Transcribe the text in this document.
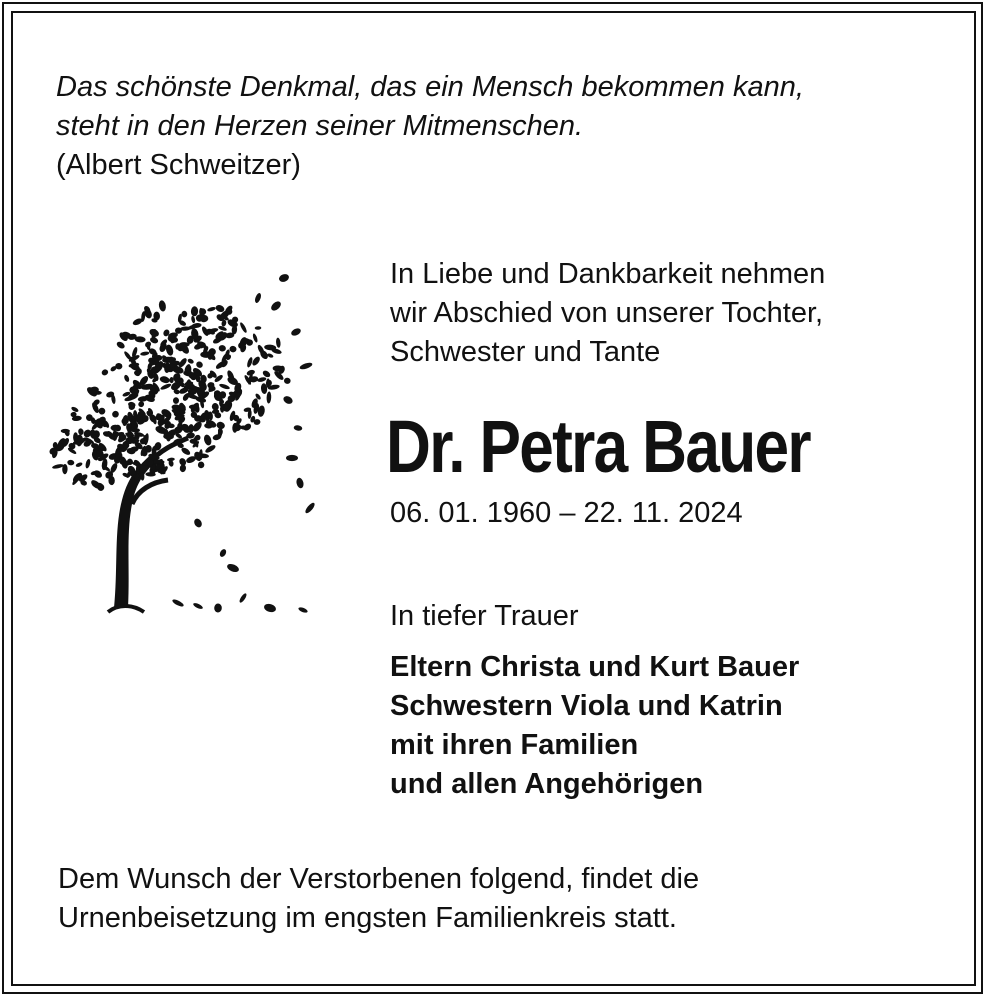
Das schönste Denkmal, das ein Mensch bekommen kann,
steht in den Herzen seiner Mitmenschen.
(Albert Schweitzer)
In Liebe und Dankbarkeit nehmen
wir Abschied von unserer Tochter,
Schwester und Tante
Dr. Petra Bauer
06. 01. 1960 – 22. 11. 2024
In tiefer Trauer
Eltern Christa und Kurt Bauer
Schwestern Viola und Katrin
mit ihren Familien
und allen Angehörigen
Dem Wunsch der Verstorbenen folgend, findet die
Urnenbeisetzung im engsten Familienkreis statt.
